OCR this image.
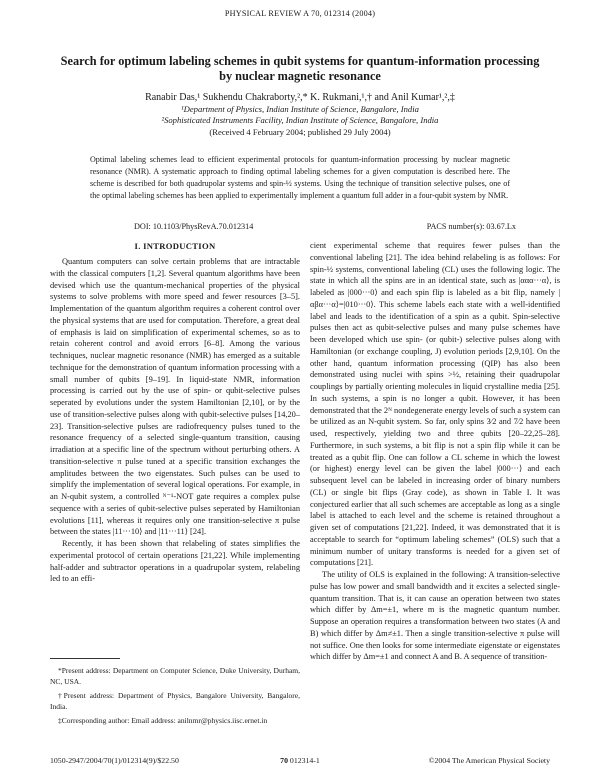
PHYSICAL REVIEW A 70, 012314 (2004)
Search for optimum labeling schemes in qubit systems for quantum-information processing
by nuclear magnetic resonance
Ranabir Das,¹ Sukhendu Chakraborty,²,* K. Rukmani,¹,† and Anil Kumar¹,²,‡
¹Department of Physics, Indian Institute of Science, Bangalore, India
²Sophisticated Instruments Facility, Indian Institute of Science, Bangalore, India
(Received 4 February 2004; published 29 July 2004)
Optimal labeling schemes lead to efficient experimental protocols for quantum-information processing by nuclear magnetic resonance (NMR). A systematic approach to finding optimal labeling schemes for a given computation is described here. The scheme is described for both quadrupolar systems and spin-½ systems. Using the technique of transition selective pulses, one of the optimal labeling schemes has been applied to experimentally implement a quantum full adder in a four-qubit system by NMR.
DOI: 10.1103/PhysRevA.70.012314	PACS number(s): 03.67.Lx
I. INTRODUCTION

Quantum computers can solve certain problems that are intractable with the classical computers [1,2]. Several quantum algorithms have been devised which use the quantum-mechanical properties of the physical systems to solve problems with more speed and fewer resources [3–5]. Implementation of the quantum algorithm requires a coherent control over the physical systems that are used for computation. Therefore, a great deal of emphasis is laid on simplification of experimental schemes, so as to retain coherent control and avoid errors [6–8]. Among the various techniques, nuclear magnetic resonance (NMR) has emerged as a suitable technique for the demonstration of quantum information processing with a small number of qubits [9–19]. In liquid-state NMR, information processing is carried out by the use of spin- or qubit-selective pulses seperated by evolutions under the system Hamiltonian [2,10], or by the use of transition-selective pulses along with qubit-selective pulses [14,20–23]. Transition-selective pulses are radiofrequency pulses tuned to the resonance frequency of a selected single-quantum transition, causing irradiation at a specific line of the spectrum without perturbing others. A transition-selective π pulse tuned at a specific transition exchanges the amplitudes between the two eigenstates. Such pulses can be used to simplify the implementation of several logical operations. For example, in an N-qubit system, a controlled ᴺ⁻¹-NOT gate requires a complex pulse sequence with a series of qubit-selective pulses seperated by Hamiltonian evolutions [11], whereas it requires only one transition-selective π pulse between the states |11···10⟩ and |11···11⟩ [24].

Recently, it has been shown that relabeling of states simplifies the experimental protocol of certain operations [21,22]. While implementing half-adder and subtractor operations in a quadrupolar system, relabeling led to an effi-

cient experimental scheme that requires fewer pulses than the conventional labeling [21]. The idea behind relabeling is as follows: For spin-½ systems, conventional labeling (CL) uses the following logic. The state in which all the spins are in an identical state, such as |ααα···α⟩, is labeled as |000···0⟩ and each spin flip is labeled as a bit flip, namely |αβα···α⟩=|010···0⟩. This scheme labels each state with a well-identified label and leads to the identification of a spin as a qubit. Spin-selective pulses then act as qubit-selective pulses and many pulse schemes have been developed which use spin- (or qubit-) selective pulses along with Hamiltonian (or exchange coupling, J) evolution periods [2,9,10]. On the other hand, quantum information processing (QIP) has also been demonstrated using nuclei with spins >½, retaining their quadrupolar couplings by partially orienting molecules in liquid crystalline media [25]. In such systems, a spin is no longer a qubit. However, it has been demonstrated that the 2ᴺ nondegenerate energy levels of such a system can be utilized as an N-qubit system. So far, only spins 3⁄2 and 7⁄2 have been used, respectively, yielding two and three qubits [20–22,25–28]. Furthermore, in such systems, a bit flip is not a spin flip while it can be treated as a qubit flip. One can follow a CL scheme in which the lowest (or highest) energy level can be given the label |000···⟩ and each subsequent level can be labeled in increasing order of binary numbers (CL) or single bit flips (Gray code), as shown in Table I. It was conjectured earlier that all such schemes are acceptable as long as a single label is attached to each level and the scheme is retained throughout a given set of computations [21,22]. Indeed, it was demonstrated that it is acceptable to search for “optimum labeling schemes” (OLS) such that a minimum number of unitary transforms is needed for a given set of computations [21].

The utility of OLS is explained in the following: A transition-selective pulse has low power and small bandwidth and it excites a selected single-quantum transition. That is, it can cause an operation between two states which differ by Δm=±1, where m is the magnetic quantum number. Suppose an operation requires a transformation between two states (A and B) which differ by Δm≠±1. Then a single transition-selective π pulse will not suffice. One then looks for some intermediate eigenstate or eigenstates which differ by Δm=±1 and connect A and B. A sequence of transition-

*Present address: Department on Computer Science, Duke University, Durham, NC, USA.

†Present address: Department of Physics, Bangalore University, Bangalore, India.

‡Corresponding author: Email address: anilnmr@physics.iisc.ernet.in

1050-2947/2004/70(1)/012314(9)/$22.50	70 012314-1	©2004 The American Physical Society
